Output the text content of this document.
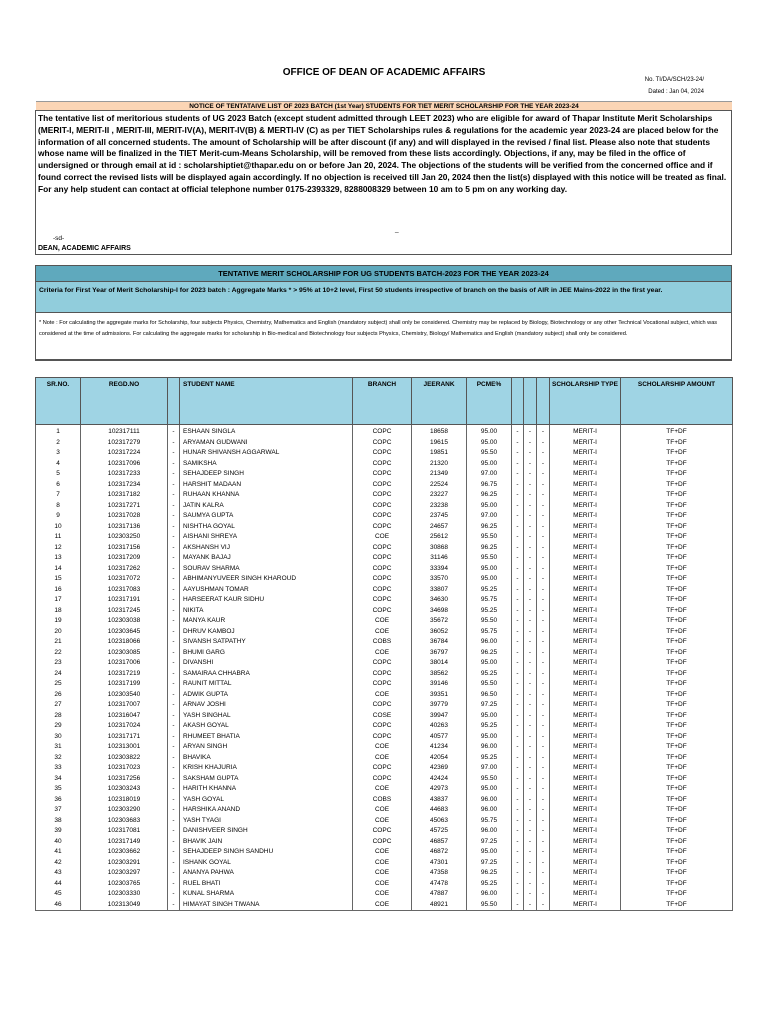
OFFICE OF DEAN OF ACADEMIC AFFAIRS
No. TI/DA/SCH/23-24/
Dated : Jan 04, 2024
NOTICE OF TENTATAIVE LIST OF 2023 BATCH (1st Year) STUDENTS FOR TIET MERIT SCHOLARSHIP FOR THE YEAR 2023-24
The tentative list of meritorious students of UG 2023 Batch (except student admitted through LEET 2023) who are eligible for award of Thapar Institute Merit Scholarships (MERIT-I, MERIT-II , MERIT-III, MERIT-IV(A), MERIT-IV(B) & MERTI-IV (C) as per TIET Scholarships rules & regulations for the academic year 2023-24 are placed below for the information of all concerned students. The amount of Scholarship will be after discount (if any) and will displayed in the revised / final list. Please also note that students whose name will be finalized in the TIET Merit-cum-Means Scholarship, will be removed from these lists accordingly. Objections, if any, may be filed in the office of undersigned or through email at id : scholarshiptiet@thapar.edu on or before Jan 20, 2024. The objections of the students will be verified from the concerned office and if found correct the revised lists will be displayed again accordingly. If no objection is received till Jan 20, 2024 then the list(s) displayed with this notice will be treated as final.
For any help student can contact at official telephone number 0175-2393329, 8288008329 between 10 am to 5 pm on any working day.
_
-sd-
DEAN, ACADEMIC AFFAIRS
TENTATIVE MERIT SCHOLARSHIP FOR UG STUDENTS BATCH-2023 FOR THE YEAR 2023-24
Criteria for First Year of Merit Scholarship-I for 2023 batch : Aggregate Marks * > 95% at 10+2 level, First 50 students irrespective of branch on the basis of AIR in JEE Mains-2022 in the first year.
* Note : For calculating the aggregate marks for Scholarship, four subjects Physics, Chemistry, Mathematics and English (mandatory subject) shall only be considered. Chemistry may be replaced by Biology, Biotechnology or any other Technical Vocational subject, which was considered at the time of admissions. For calculating the aggregate marks for scholarship in Bio-medical and Biotechnology four subjects Physics, Chemistry, Biology/ Mathematics and English (mandatory subject) shall only be considered.
SR.NO.	REGD.NO		STUDENT NAME	BRANCH	JEERANK	PCME%				SCHOLARSHIP TYPE	SCHOLARSHIP AMOUNT
1	102317111	-	ESHAAN SINGLA	COPC	18658	95.00	-	-	-	MERIT-I	TF+DF
2	102317279	-	ARYAMAN GUDWANI	COPC	19615	95.00	-	-	-	MERIT-I	TF+DF
3	102317224	-	HUNAR SHIVANSH AGGARWAL	COPC	19851	95.50	-	-	-	MERIT-I	TF+DF
4	102317096	-	SAMIKSHA	COPC	21320	95.00	-	-	-	MERIT-I	TF+DF
5	102317233	-	SEHAJDEEP SINGH	COPC	21349	97.00	-	-	-	MERIT-I	TF+DF
6	102317234	-	HARSHIT MADAAN	COPC	22524	96.75	-	-	-	MERIT-I	TF+DF
7	102317182	-	RUHAAN KHANNA	COPC	23227	96.25	-	-	-	MERIT-I	TF+DF
8	102317271	-	JATIN KALRA	COPC	23238	95.00	-	-	-	MERIT-I	TF+DF
9	102317028	-	SAUMYA GUPTA	COPC	23745	97.00	-	-	-	MERIT-I	TF+DF
10	102317136	-	NISHTHA GOYAL	COPC	24657	96.25	-	-	-	MERIT-I	TF+DF
11	102303250	-	AISHANI SHREYA	COE	25612	95.50	-	-	-	MERIT-I	TF+DF
12	102317156	-	AKSHANSH VIJ	COPC	30868	96.25	-	-	-	MERIT-I	TF+DF
13	102317209	-	MAYANK BAJAJ	COPC	31146	95.50	-	-	-	MERIT-I	TF+DF
14	102317262	-	SOURAV SHARMA	COPC	33394	95.00	-	-	-	MERIT-I	TF+DF
15	102317072	-	ABHIMANYUVEER SINGH KHAROUD	COPC	33570	95.00	-	-	-	MERIT-I	TF+DF
16	102317083	-	AAYUSHMAN TOMAR	COPC	33807	95.25	-	-	-	MERIT-I	TF+DF
17	102317191	-	HARSEERAT KAUR SIDHU	COPC	34630	95.75	-	-	-	MERIT-I	TF+DF
18	102317245	-	NIKITA	COPC	34698	95.25	-	-	-	MERIT-I	TF+DF
19	102303038	-	MANYA KAUR	COE	35672	95.50	-	-	-	MERIT-I	TF+DF
20	102303645	-	DHRUV KAMBOJ	COE	36052	95.75	-	-	-	MERIT-I	TF+DF
21	102318066	-	SIVANSH SATPATHY	COBS	36784	96.00	-	-	-	MERIT-I	TF+DF
22	102303085	-	BHUMI GARG	COE	36797	96.25	-	-	-	MERIT-I	TF+DF
23	102317006	-	DIVANSHI	COPC	38014	95.00	-	-	-	MERIT-I	TF+DF
24	102317219	-	SAMAIRAA CHHABRA	COPC	38562	95.25	-	-	-	MERIT-I	TF+DF
25	102317199	-	RAUNIT MITTAL	COPC	39146	95.50	-	-	-	MERIT-I	TF+DF
26	102303540	-	ADWIK GUPTA	COE	39351	96.50	-	-	-	MERIT-I	TF+DF
27	102317007	-	ARNAV JOSHI	COPC	39779	97.25	-	-	-	MERIT-I	TF+DF
28	102316047	-	YASH SINGHAL	COSE	39947	95.00	-	-	-	MERIT-I	TF+DF
29	102317024	-	AKASH GOYAL	COPC	40263	95.25	-	-	-	MERIT-I	TF+DF
30	102317171	-	RHUMEET BHATIA	COPC	40577	95.00	-	-	-	MERIT-I	TF+DF
31	102313001	-	ARYAN SINGH	COE	41234	96.00	-	-	-	MERIT-I	TF+DF
32	102303822	-	BHAVIKA	COE	42054	95.25	-	-	-	MERIT-I	TF+DF
33	102317023	-	KRISH KHAJURIA	COPC	42369	97.00	-	-	-	MERIT-I	TF+DF
34	102317256	-	SAKSHAM GUPTA	COPC	42424	95.50	-	-	-	MERIT-I	TF+DF
35	102303243	-	HARITH KHANNA	COE	42973	95.00	-	-	-	MERIT-I	TF+DF
36	102318019	-	YASH GOYAL	COBS	43837	96.00	-	-	-	MERIT-I	TF+DF
37	102303290	-	HARSHIKA ANAND	COE	44683	96.00	-	-	-	MERIT-I	TF+DF
38	102303683	-	YASH TYAGI	COE	45063	95.75	-	-	-	MERIT-I	TF+DF
39	102317081	-	DANISHVEER SINGH	COPC	45725	96.00	-	-	-	MERIT-I	TF+DF
40	102317149	-	BHAVIK JAIN	COPC	46857	97.25	-	-	-	MERIT-I	TF+DF
41	102303662	-	SEHAJDEEP SINGH SANDHU	COE	46872	95.00	-	-	-	MERIT-I	TF+DF
42	102303291	-	ISHANK GOYAL	COE	47301	97.25	-	-	-	MERIT-I	TF+DF
43	102303297	-	ANANYA PAHWA	COE	47358	96.25	-	-	-	MERIT-I	TF+DF
44	102303765	-	RUEL BHATI	COE	47478	95.25	-	-	-	MERIT-I	TF+DF
45	102303330	-	KUNAL SHARMA	COE	47887	96.00	-	-	-	MERIT-I	TF+DF
46	102313049	-	HIMAYAT SINGH TIWANA	COE	48921	95.50	-	-	-	MERIT-I	TF+DF
